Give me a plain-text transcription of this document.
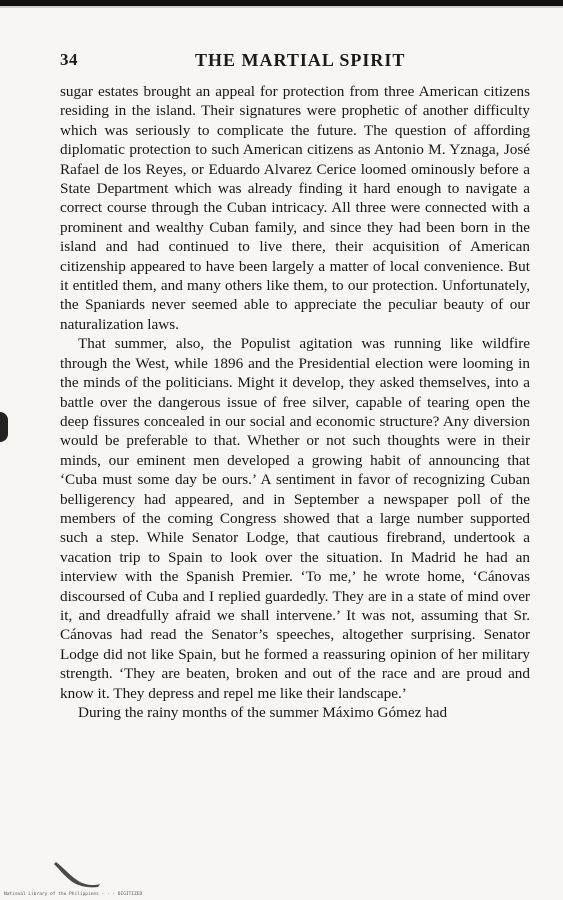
34	THE MARTIAL SPIRIT

sugar estates brought an appeal for protection from three American citizens residing in the island. Their signatures were prophetic of another difficulty which was seriously to complicate the future. The question of affording diplomatic protection to such American citizens as Antonio M. Yznaga, José Rafael de los Reyes, or Eduardo Alvarez Cerice loomed ominously before a State Department which was already finding it hard enough to navigate a correct course through the Cuban intricacy. All three were connected with a prominent and wealthy Cuban family, and since they had been born in the island and had continued to live there, their acquisition of American citizenship appeared to have been largely a matter of local convenience. But it entitled them, and many others like them, to our protection. Unfortunately, the Spaniards never seemed able to appreciate the peculiar beauty of our naturalization laws.

That summer, also, the Populist agitation was running like wildfire through the West, while 1896 and the Presidential election were looming in the minds of the politicians. Might it develop, they asked themselves, into a battle over the dangerous issue of free silver, capable of tearing open the deep fissures concealed in our social and economic structure? Any diversion would be preferable to that. Whether or not such thoughts were in their minds, our eminent men developed a growing habit of announcing that ‘Cuba must some day be ours.’ A sentiment in favor of recognizing Cuban belligerency had appeared, and in September a newspaper poll of the members of the coming Congress showed that a large number supported such a step. While Senator Lodge, that cautious firebrand, undertook a vacation trip to Spain to look over the situation. In Madrid he had an interview with the Spanish Premier. ‘To me,’ he wrote home, ‘Cánovas discoursed of Cuba and I replied guardedly. They are in a state of mind over it, and dreadfully afraid we shall intervene.’ It was not, assuming that Sr. Cánovas had read the Senator’s speeches, altogether surprising. Senator Lodge did not like Spain, but he formed a reassuring opinion of her military strength. ‘They are beaten, broken and out of the race and are proud and know it. They depress and repel me like their landscape.’

During the rainy months of the summer Máximo Gómez had

National Library of the Philippines · · · DIGITIZED
